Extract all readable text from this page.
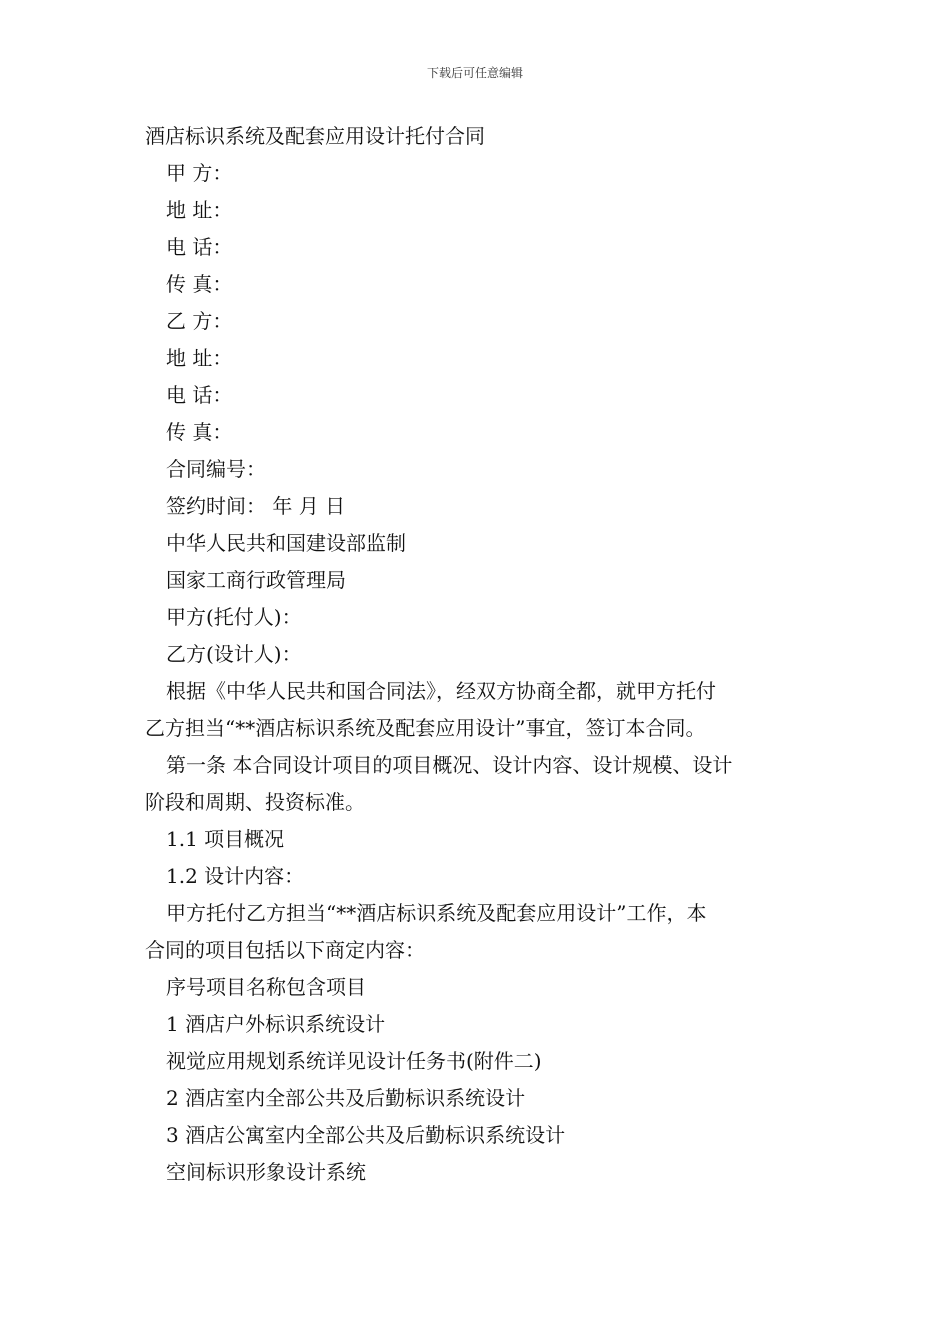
下载后可任意编辑
酒店标识系统及配套应用设计托付合同
甲 方：
地 址：
电 话：
传 真：
乙 方：
地 址：
电 话：
传 真：
合同编号：
签约时间： 年 月 日
中华人民共和国建设部监制
国家工商行政管理局
甲方(托付人)：
乙方(设计人)：
根据《中华人民共和国合同法》，经双方协商全都，就甲方托付
乙方担当“**酒店标识系统及配套应用设计”事宜，签订本合同。
第一条 本合同设计项目的项目概况、设计内容、设计规模、设计
阶段和周期、投资标准。
1.1 项目概况
1.2 设计内容：
甲方托付乙方担当“**酒店标识系统及配套应用设计”工作，本
合同的项目包括以下商定内容：
序号项目名称包含项目
1 酒店户外标识系统设计
视觉应用规划系统详见设计任务书(附件二)
2 酒店室内全部公共及后勤标识系统设计
3 酒店公寓室内全部公共及后勤标识系统设计
空间标识形象设计系统
